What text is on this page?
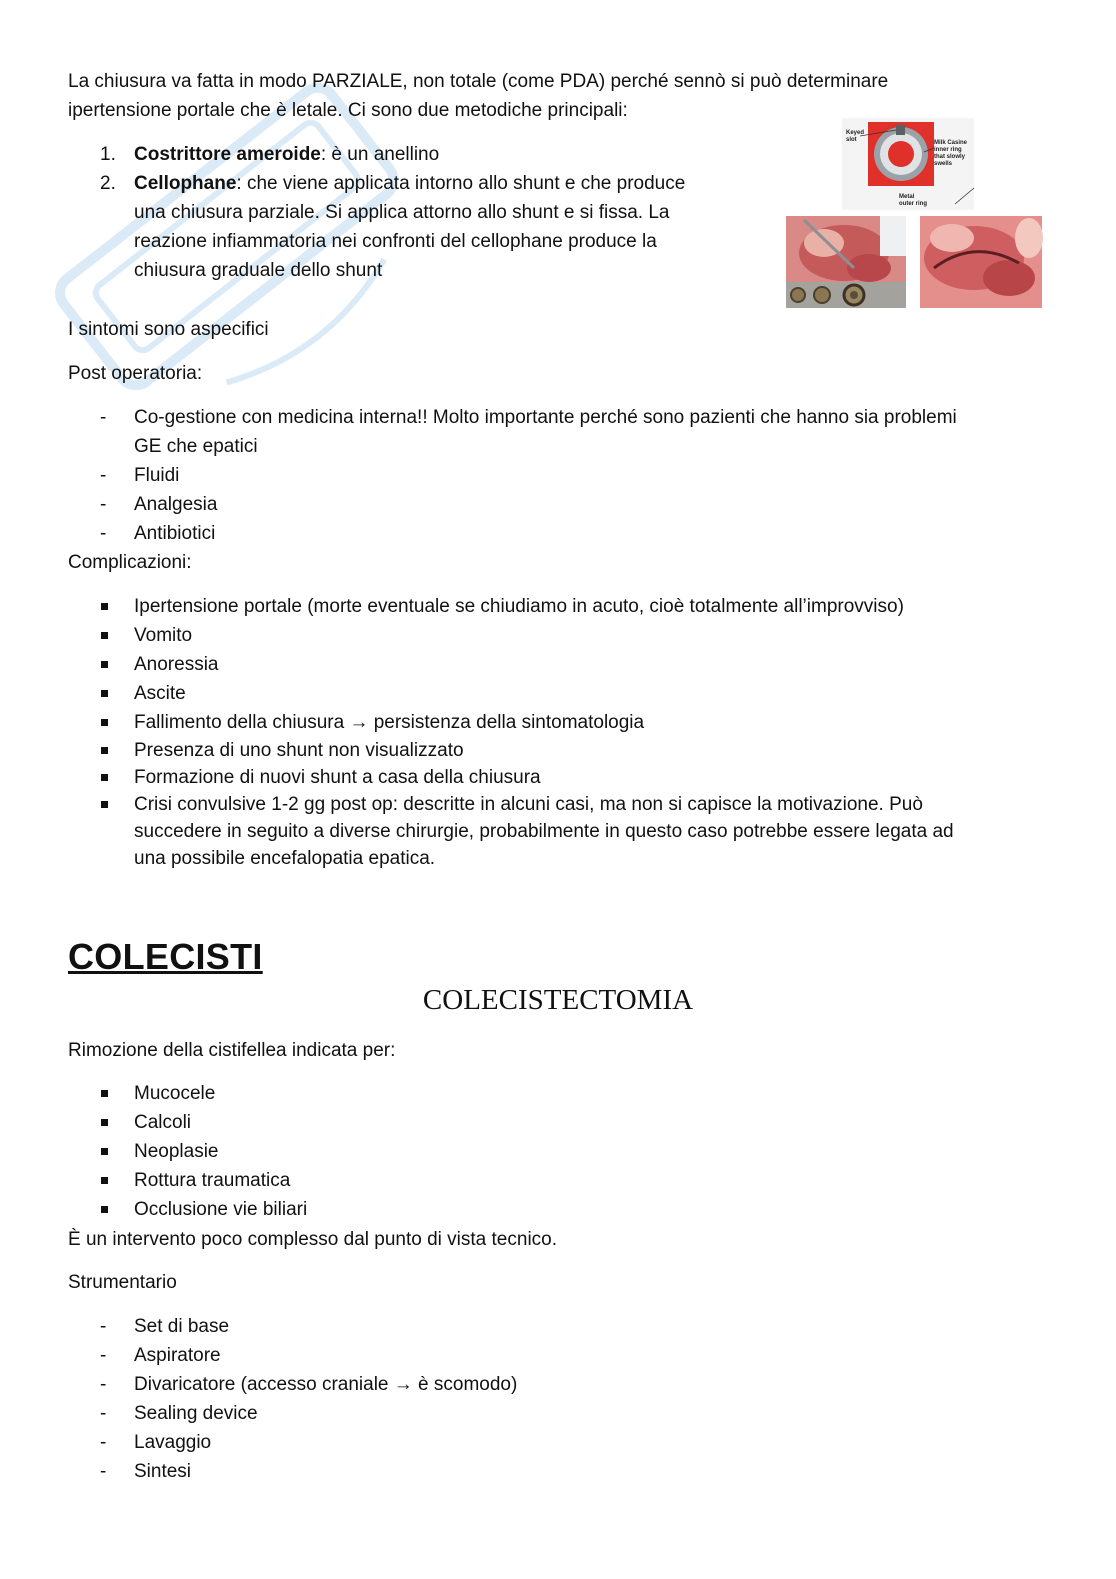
La chiusura va fatta in modo PARZIALE, non totale (come PDA) perché sennò si può determinare
ipertensione portale che è letale. Ci sono due metodiche principali:
1. Costrittore ameroide: è un anellino
2. Cellophane: che viene applicata intorno allo shunt e che produce
una chiusura parziale. Si applica attorno allo shunt e si fissa. La
reazione infiammatoria nei confronti del cellophane produce la
chiusura graduale dello shunt
Keyed
slot	Milk Casine
inner ring
that slowly
swells
Metal
outer ring
I sintomi sono aspecifici
Post operatoria:
- Co-gestione con medicina interna!! Molto importante perché sono pazienti che hanno sia problemi
GE che epatici
- Fluidi
- Analgesia
- Antibiotici
Complicazioni:
Ipertensione portale (morte eventuale se chiudiamo in acuto, cioè totalmente all’improvviso)
Vomito
Anoressia
Ascite
Fallimento della chiusura → persistenza della sintomatologia
Presenza di uno shunt non visualizzato
Formazione di nuovi shunt a casa della chiusura
Crisi convulsive 1-2 gg post op: descritte in alcuni casi, ma non si capisce la motivazione. Può
succedere in seguito a diverse chirurgie, probabilmente in questo caso potrebbe essere legata ad
una possibile encefalopatia epatica.
COLECISTI
COLECISTECTOMIA
Rimozione della cistifellea indicata per:
Mucocele
Calcoli
Neoplasie
Rottura traumatica
Occlusione vie biliari
È un intervento poco complesso dal punto di vista tecnico.
Strumentario
- Set di base
- Aspiratore
- Divaricatore (accesso craniale → è scomodo)
- Sealing device
- Lavaggio
- Sintesi
